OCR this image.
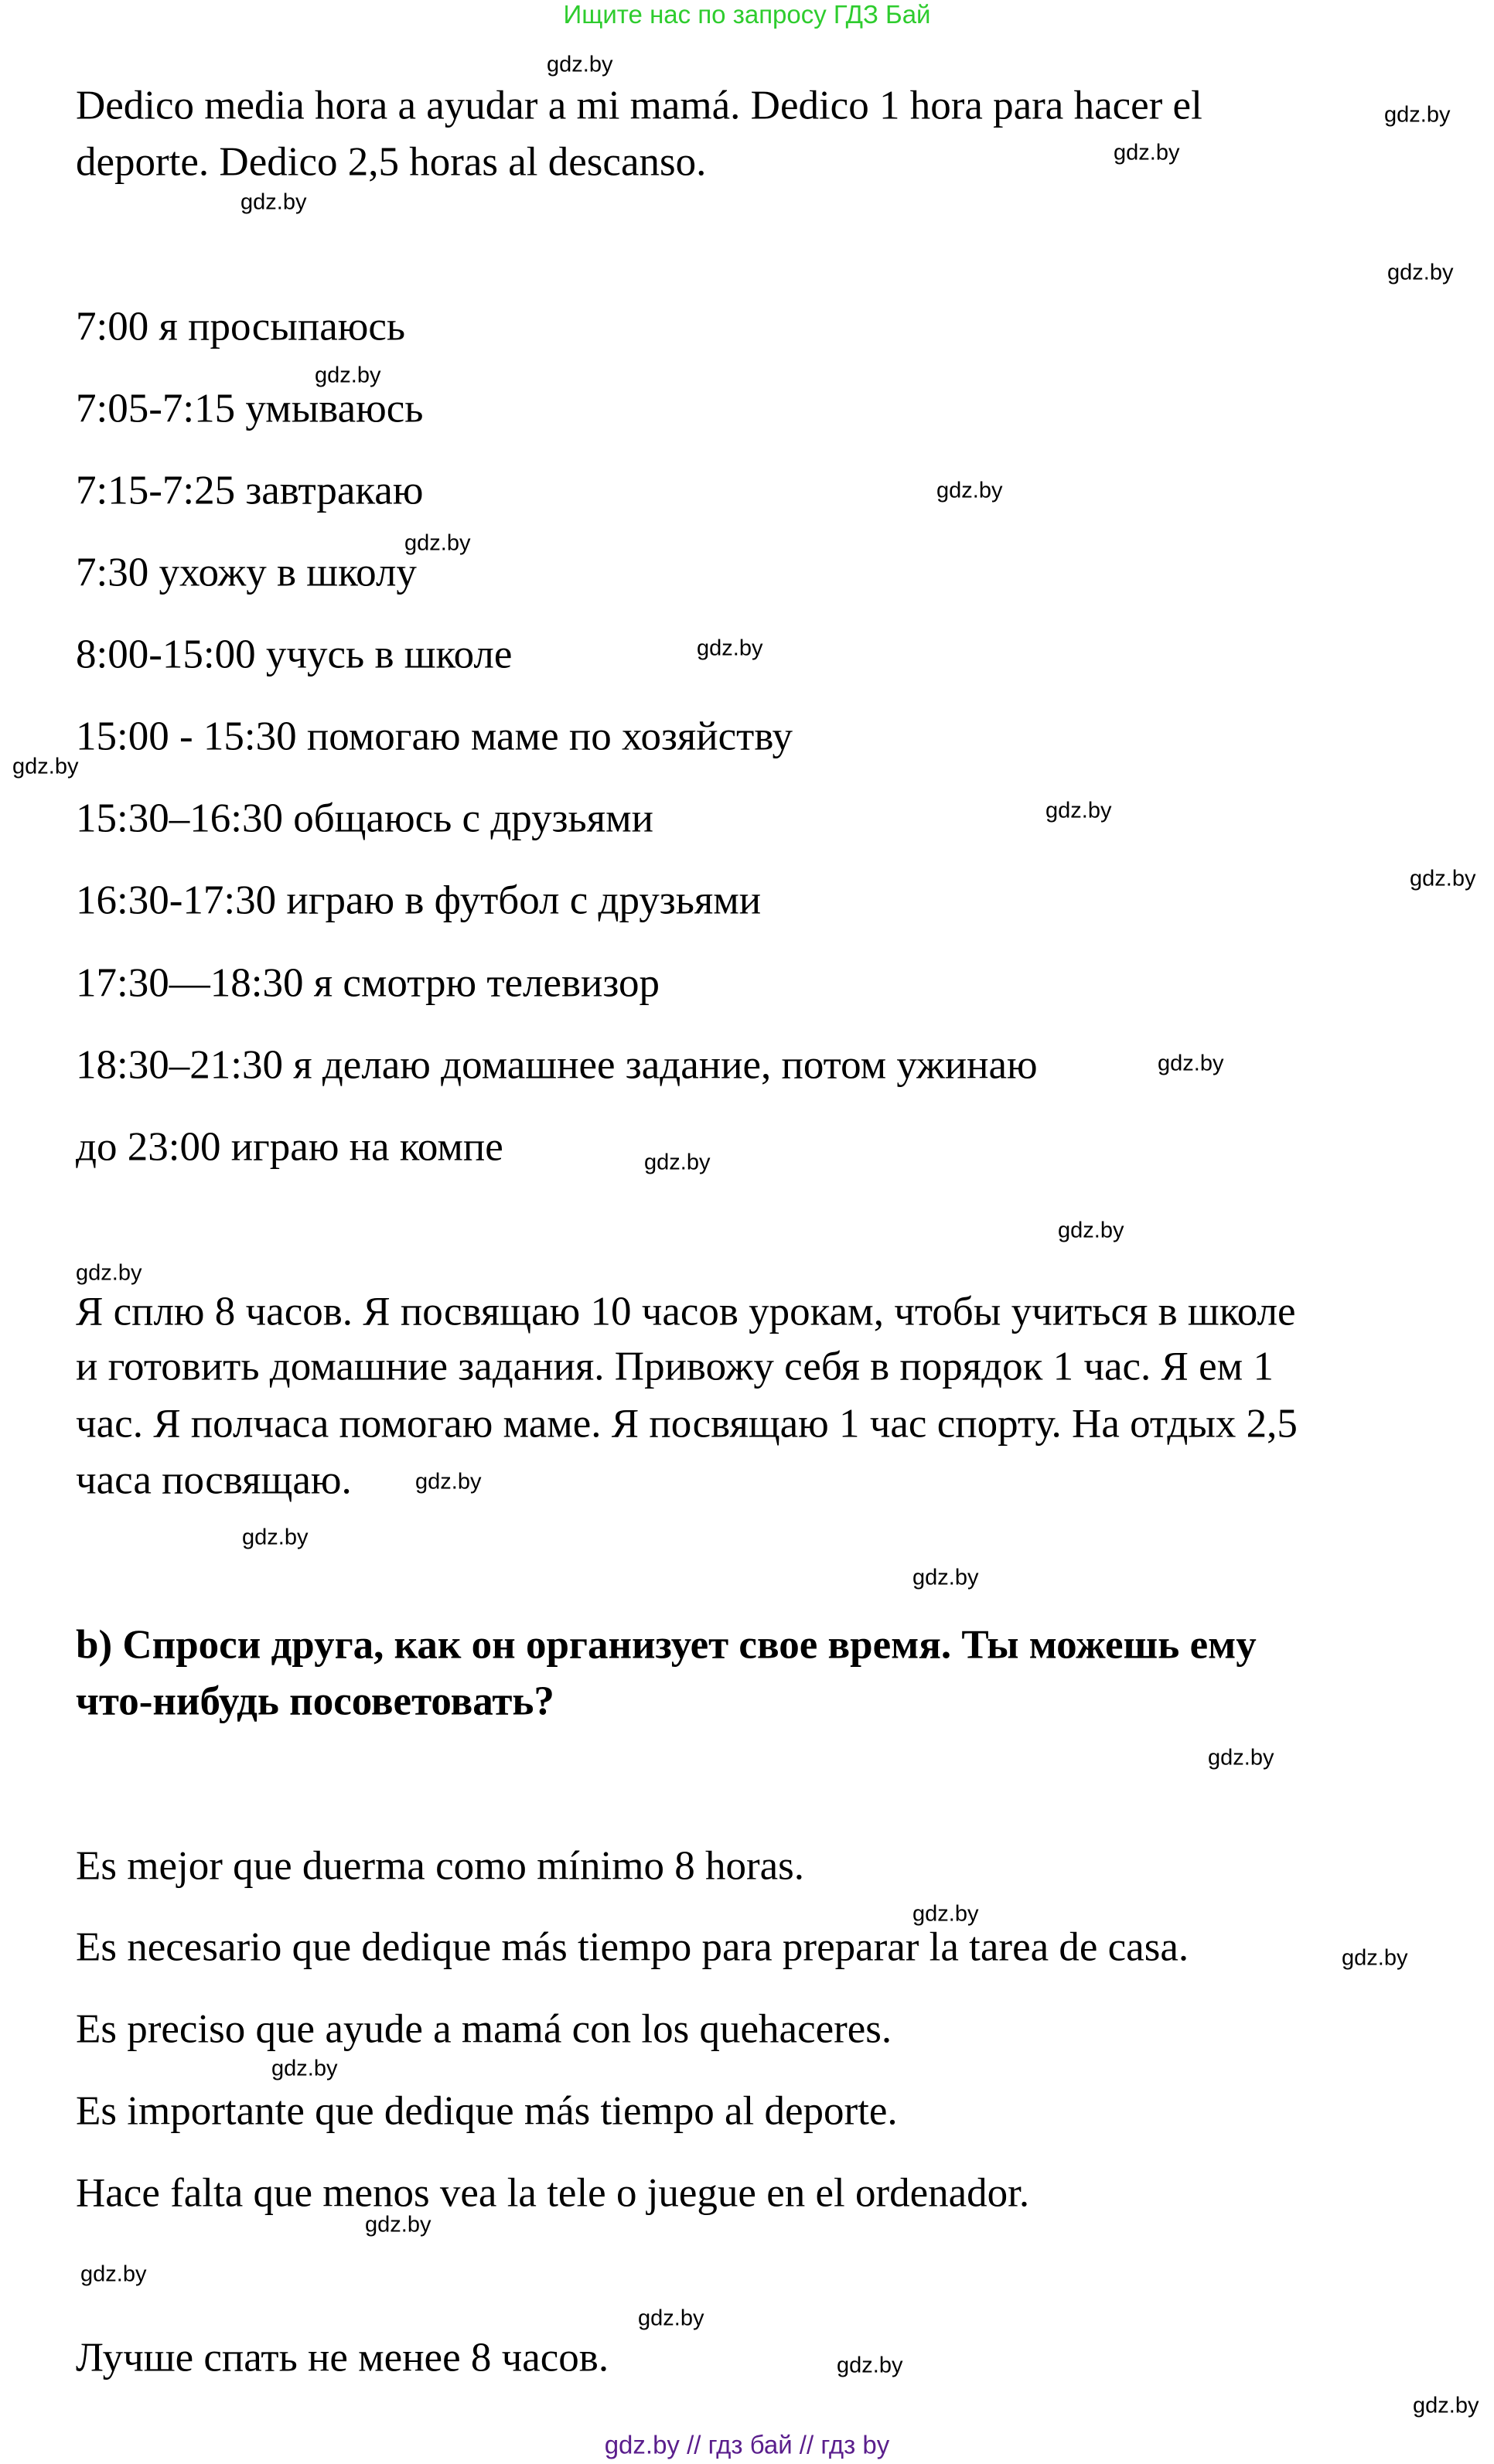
Ищите нас по запросу ГДЗ Бай
Dedico media hora a ayudar a mi mamá. Dedico 1 hora para hacer el
deporte. Dedico 2,5 horas al descanso.
7:00 я просыпаюсь
7:05-7:15 умываюсь
7:15-7:25 завтракаю
7:30 ухожу в школу
8:00-15:00 учусь в школе
15:00 - 15:30 помогаю маме по хозяйству
15:30–16:30 общаюсь с друзьями
16:30-17:30 играю в футбол с друзьями
17:30—18:30 я смотрю телевизор
18:30–21:30 я делаю домашнее задание, потом ужинаю
до 23:00 играю на компе
Я сплю 8 часов. Я посвящаю 10 часов урокам, чтобы учиться в школе
и готовить домашние задания. Привожу себя в порядок 1 час. Я ем 1
час. Я полчаса помогаю маме. Я посвящаю 1 час спорту. На отдых 2,5
часа посвящаю.
b) Спроси друга, как он организует свое время. Ты можешь ему
что-нибудь посоветовать?
Es mejor que duerma como mínimo 8 horas.
Es necesario que dedique más tiempo para preparar la tarea de casa.
Es preciso que ayude a mamá con los quehaceres.
Es importante que dedique más tiempo al deporte.
Hace falta que menos vea la tele o juegue en el ordenador.
Лучше спать не менее 8 часов.
gdz.by
gdz.by
gdz.by
gdz.by
gdz.by
gdz.by
gdz.by
gdz.by
gdz.by
gdz.by
gdz.by
gdz.by
gdz.by
gdz.by
gdz.by
gdz.by
gdz.by
gdz.by
gdz.by
gdz.by
gdz.by
gdz.by
gdz.by
gdz.by
gdz.by
gdz.by
gdz.by
gdz.by
gdz.by // гдз бай // гдз by
